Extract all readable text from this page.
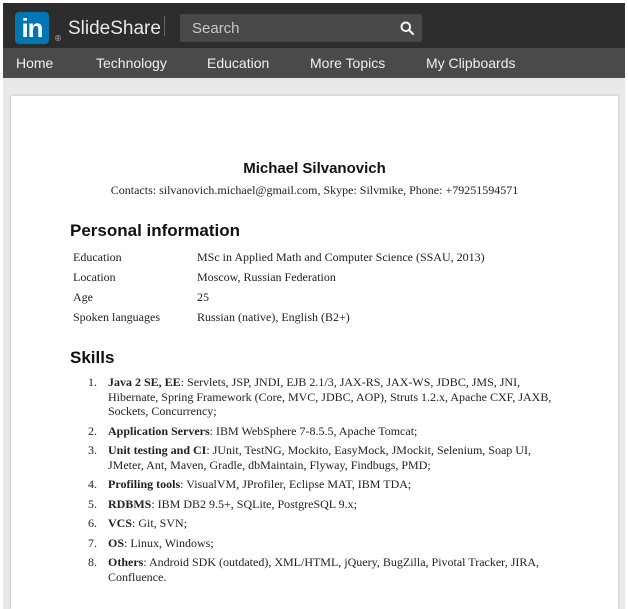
in	® SlideShare
Search
Home	Technology	Education	More Topics	My Clipboards
Michael Silvanovich
Contacts: silvanovich.michael@gmail.com, Skype: Silvmike, Phone: +79251594571
Personal information
Education	MSc in Applied Math and Computer Science (SSAU, 2013)
Location	Moscow, Russian Federation
Age	25
Spoken languages	Russian (native), English (B2+)
Skills
1. Java 2 SE, EE: Servlets, JSP, JNDI, EJB 2.1/3, JAX-RS, JAX-WS, JDBC, JMS, JNI, Hibernate, Spring Framework (Core, MVC, JDBC, AOP), Struts 1.2.x, Apache CXF, JAXB, Sockets, Concurrency;
2. Application Servers: IBM WebSphere 7-8.5.5, Apache Tomcat;
3. Unit testing and CI: JUnit, TestNG, Mockito, EasyMock, JMockit, Selenium, Soap UI, JMeter, Ant, Maven, Gradle, dbMaintain, Flyway, Findbugs, PMD;
4. Profiling tools: VisualVM, JProfiler, Eclipse MAT, IBM TDA;
5. RDBMS: IBM DB2 9.5+, SQLite, PostgreSQL 9.x;
6. VCS: Git, SVN;
7. OS: Linux, Windows;
8. Others: Android SDK (outdated), XML/HTML, jQuery, BugZilla, Pivotal Tracker, JIRA, Confluence.
